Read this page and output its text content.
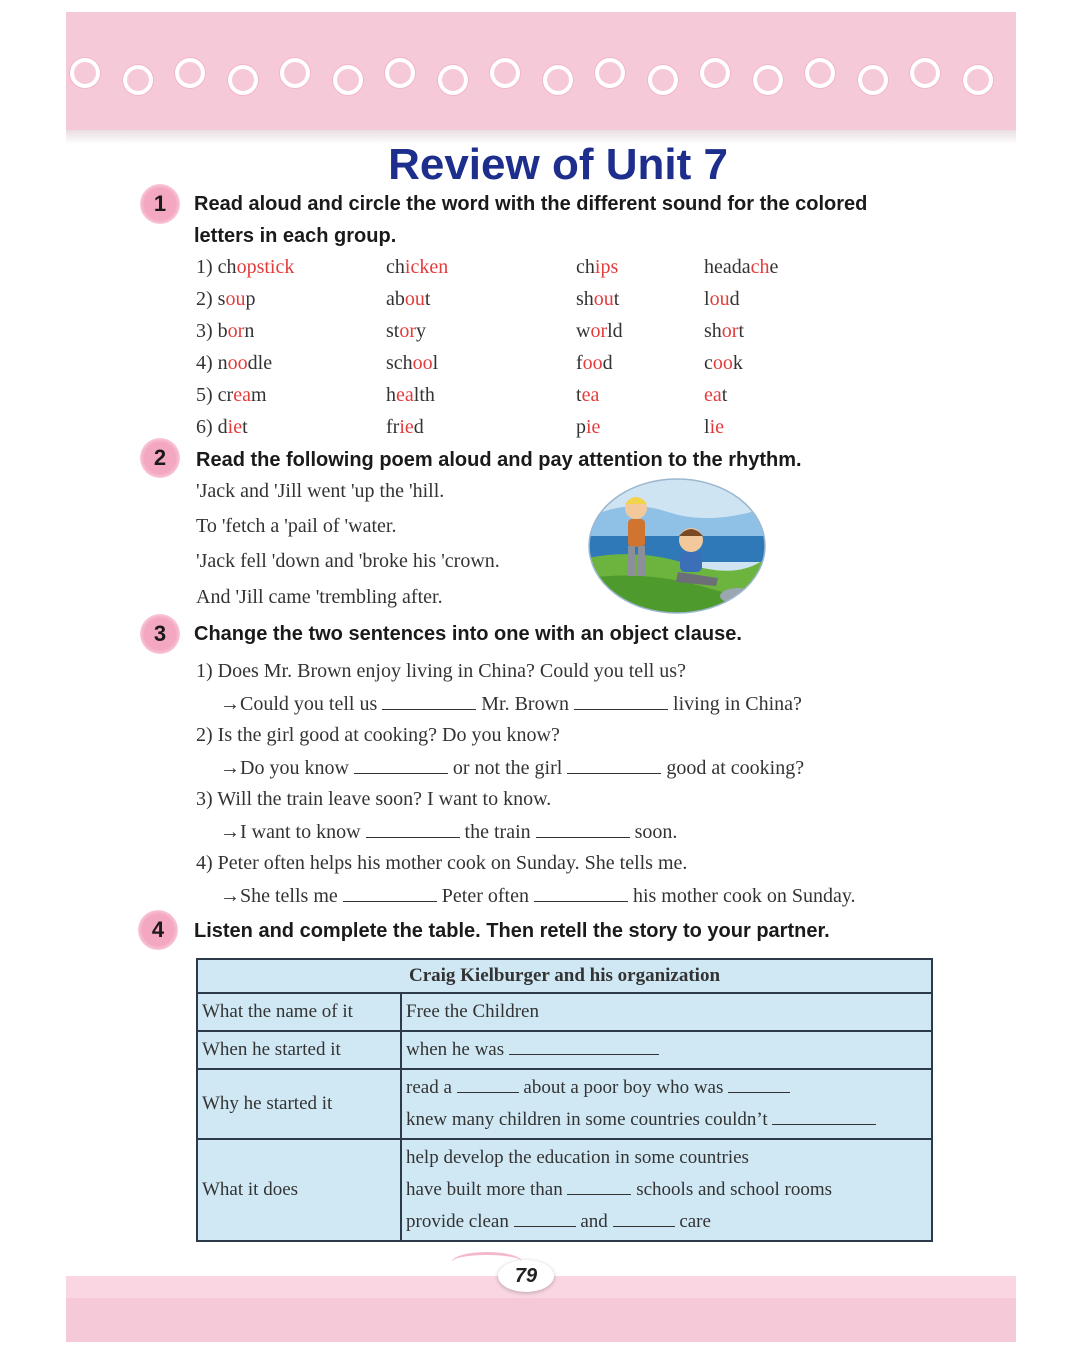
Review of Unit 7
1	Read aloud and circle the word with the different sound for the colored
letters in each group.
1) chopstick	chicken	chips	headache
2) soup	about	shout	loud
3) born	story	world	short
4) noodle	school	food	cook
5) cream	health	tea	eat
6) diet	fried	pie	lie
2	Read the following poem aloud and pay attention to the rhythm.
'Jack and 'Jill went 'up the 'hill.
To 'fetch a 'pail of 'water.
'Jack fell 'down and 'broke his 'crown.
And 'Jill came 'trembling after.
3	Change the two sentences into one with an object clause.
1) Does Mr. Brown enjoy living in China? Could you tell us?
→Could you tell us	Mr. Brown	living in China?
2) Is the girl good at cooking? Do you know?
→Do you know	or not the girl	good at cooking?
3) Will the train leave soon? I want to know.
→I want to know	the train	soon.
4) Peter often helps his mother cook on Sunday. She tells me.
→She tells me	Peter often	his mother cook on Sunday.
4	Listen and complete the table. Then retell the story to your partner.
Craig Kielburger and his organization	
What the name of it	Free the Children

When he started it	when he was

Why he started it	read a about a poor boy who was
knew many children in some countries couldn’t

What it does	help develop the education in some countries
have built more than schools and school rooms
provide clean and care
79
